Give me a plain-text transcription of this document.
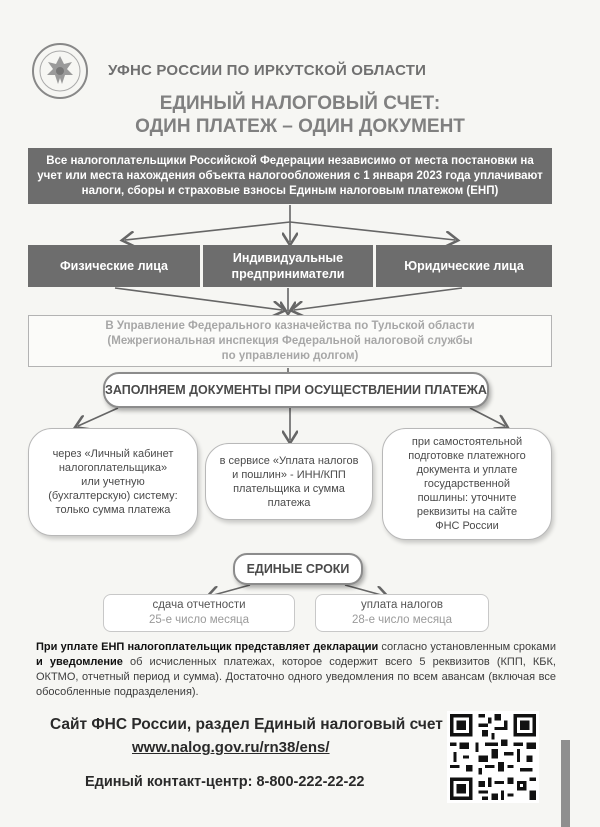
УФНС РОССИИ ПО ИРКУТСКОЙ ОБЛАСТИ
ЕДИНЫЙ НАЛОГОВЫЙ СЧЕТ:
ОДИН ПЛАТЕЖ – ОДИН ДОКУМЕНТ
Все налогоплательщики Российской Федерации независимо от места постановки на
учет или места нахождения объекта налогообложения с 1 января 2023 года уплачивают
налоги, сборы и страховые взносы Единым налоговым платежом (ЕНП)
Физические лица
Индивидуальные
предприниматели
Юридические лица
В Управление Федерального казначейства по Тульской области
(Межрегиональная инспекция Федеральной налоговой службы
по управлению долгом)
ЗАПОЛНЯЕМ ДОКУМЕНТЫ ПРИ ОСУЩЕСТВЛЕНИИ ПЛАТЕЖА
через «Личный кабинет
налогоплательщика»
или учетную
(бухгалтерскую) систему:
только сумма платежа
в сервисе «Уплата налогов
и пошлин» - ИНН/КПП
плательщика и сумма
платежа
при самостоятельной
подготовке платежного
документа и уплате
государственной
пошлины: уточните
реквизиты на сайте
ФНС России
ЕДИНЫЕ СРОКИ
сдача отчетности
25-е число месяца
уплата налогов
28-е число месяца
При уплате ЕНП налогоплательщик представляет декларации согласно установленным сроками и уведомление об исчисленных платежах, которое содержит всего 5 реквизитов (КПП, КБК, ОКТМО, отчетный период и сумма). Достаточно одного уведомления по всем авансам (включая все обособленные подразделения).
Сайт ФНС России, раздел Единый налоговый счет
www.nalog.gov.ru/rn38/ens/
Единый контакт-центр: 8-800-222-22-22
